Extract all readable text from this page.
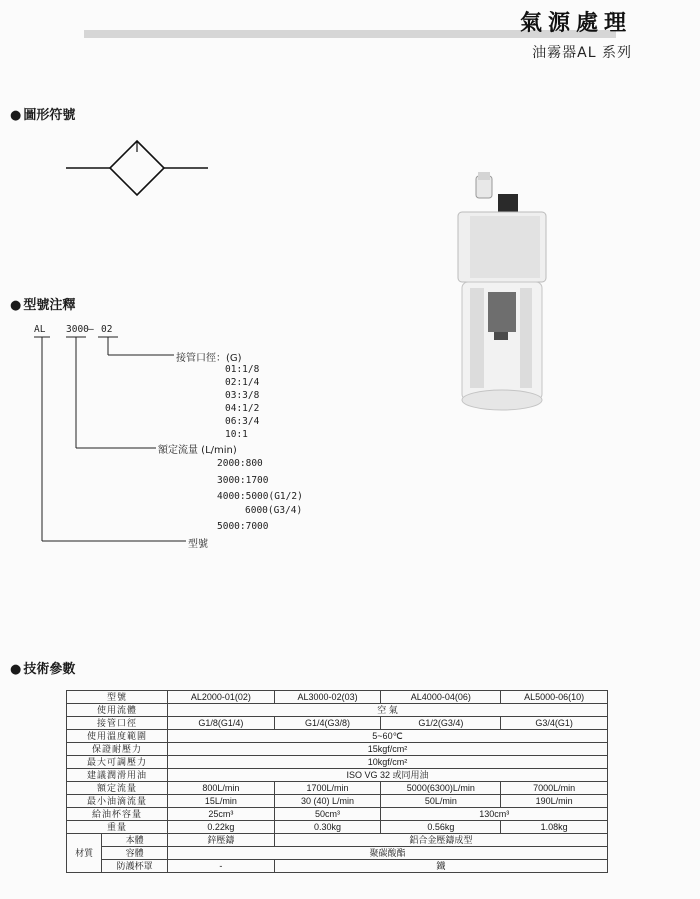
氣源處理
油霧器AL 系列
● 圖形符號
● 型號注釋
AL 3000 — 02
接管口徑：(G)
01:1/8
02:1/4
03:3/8
04:1/2
06:3/4
10:1
額定流量 (L/min)
2000:800
3000:1700
4000:5000(G1/2)
6000(G3/4)
5000:7000
型號
● 技術參數
型號		AL2000-01(02)	AL3000-02(03)	AL4000-04(06)	AL5000-06(10)
使用流體		空 氣			
接管口徑		G1/8(G1/4)	G1/4(G3/8)	G1/2(G3/4)	G3/4(G1)
使用溫度範圍		5~60℃			
保證耐壓力		15kgf/cm²			
最大可調壓力		10kgf/cm²			
建議潤滑用油		ISO VG 32 或同用油			
額定流量		800L/min	1700L/min	5000(6300)L/min	7000L/min
最小油滴流量		15L/min	30 (40) L/min	50L/min	190L/min
給油杯容量		25cm³	50cm³	130cm³	
重量		0.22kg	0.30kg	0.56kg	1.08kg
材質	本體	鋅壓鑄	鋁合金壓鑄成型		
	容體	聚碳酸酯			
	防護杯罩	-	鐵		
